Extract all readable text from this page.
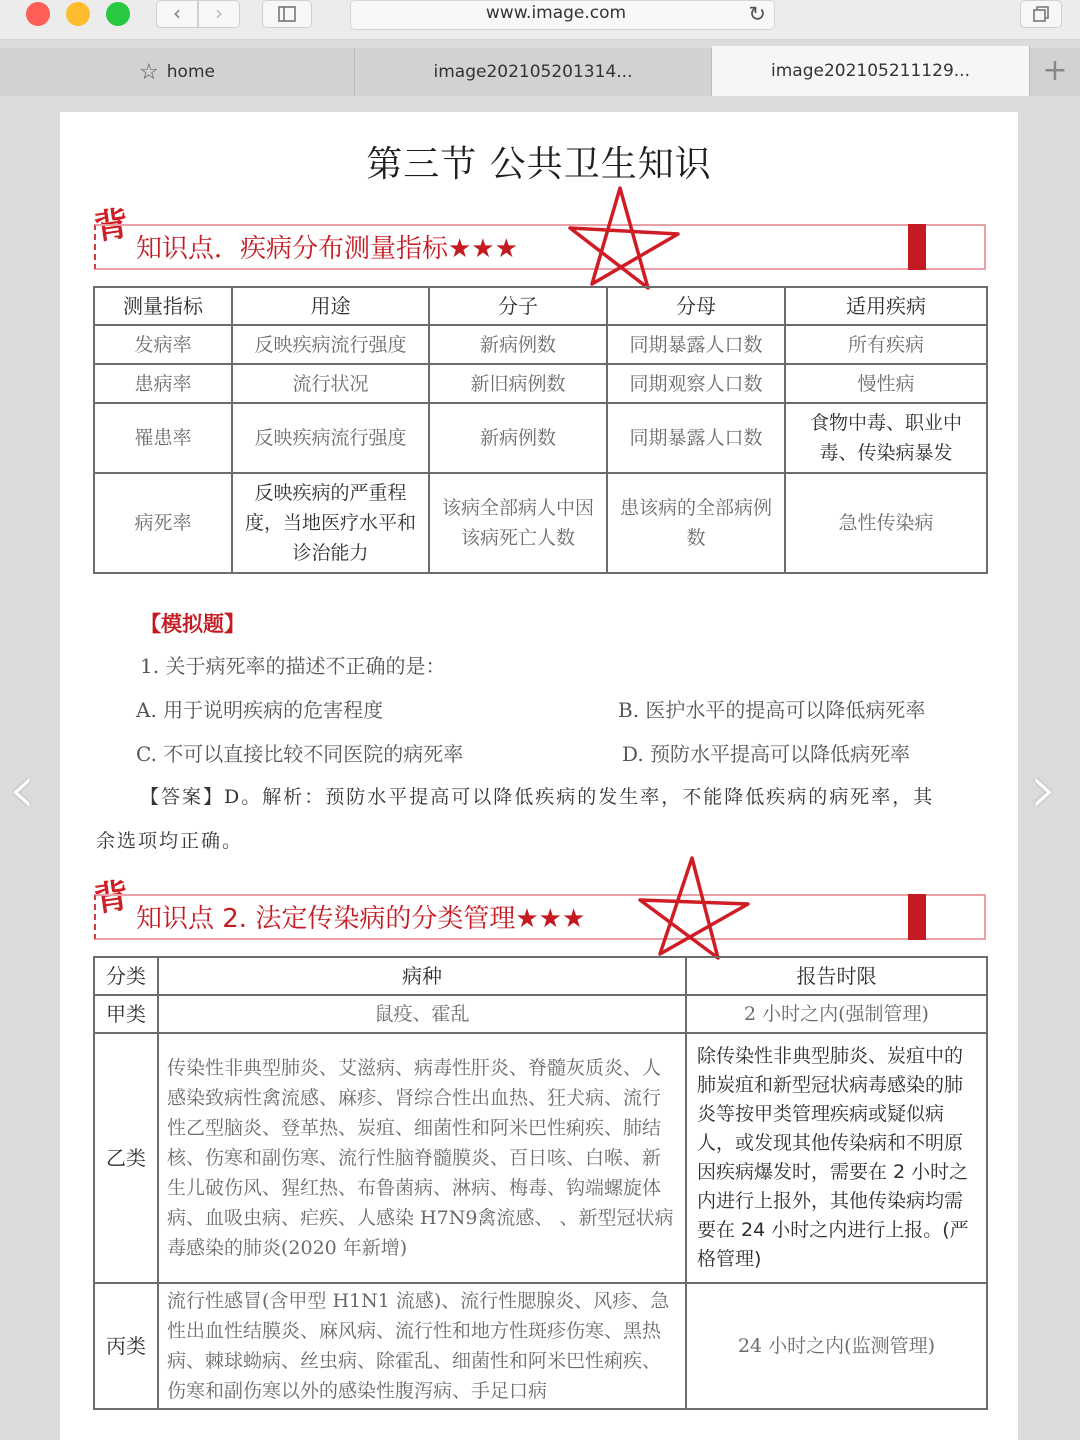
‹	›	www.image.com	↻
☆ home	image202105201314...	image202105211129...	+
第三节 公共卫生知识
背
知识点．疾病分布测量指标★★★
测量指标	用途	分子	分母	适用疾病
发病率	反映疾病流行强度	新病例数	同期暴露人口数	所有疾病
患病率	流行状况	新旧病例数	同期观察人口数	慢性病
罹患率	反映疾病流行强度	新病例数	同期暴露人口数	食物中毒、职业中毒、传染病暴发
病死率	反映疾病的严重程度，当地医疗水平和诊治能力	该病全部病人中因该病死亡人数	患该病的全部病例数	急性传染病
【模拟题】
1. 关于病死率的描述不正确的是：
A. 用于说明疾病的危害程度	B. 医护水平的提高可以降低病死率
C. 不可以直接比较不同医院的病死率	D. 预防水平提高可以降低病死率
【答案】D。解析：预防水平提高可以降低疾病的发生率，不能降低疾病的病死率，其
余选项均正确。
背 知识点 2. 法定传染病的分类管理★★★
分类	病种	报告时限
甲类	鼠疫、霍乱	2 小时之内(强制管理)
乙类	传染性非典型肺炎、艾滋病、病毒性肝炎、脊髓灰质炎、人感染致病性禽流感、麻疹、肾综合性出血热、狂犬病、流行性乙型脑炎、登革热、炭疽、细菌性和阿米巴性痢疾、肺结核、伤寒和副伤寒、流行性脑脊髓膜炎、百日咳、白喉、新生儿破伤风、猩红热、布鲁菌病、淋病、梅毒、钩端螺旋体病、血吸虫病、疟疾、人感染 H7N9禽流感、 、新型冠状病毒感染的肺炎(2020 年新增)	除传染性非典型肺炎、炭疽中的肺炭疽和新型冠状病毒感染的肺炎等按甲类管理疾病或疑似病人，或发现其他传染病和不明原因疾病爆发时，需要在 2 小时之内进行上报外，其他传染病均需要在 24 小时之内进行上报。(严格管理)
丙类	流行性感冒(含甲型 H1N1 流感)、流行性腮腺炎、风疹、急性出血性结膜炎、麻风病、流行性和地方性斑疹伤寒、黑热病、棘球蚴病、丝虫病、除霍乱、细菌性和阿米巴性痢疾、伤寒和副伤寒以外的感染性腹泻病、手足口病	24 小时之内(监测管理)
‹	›
